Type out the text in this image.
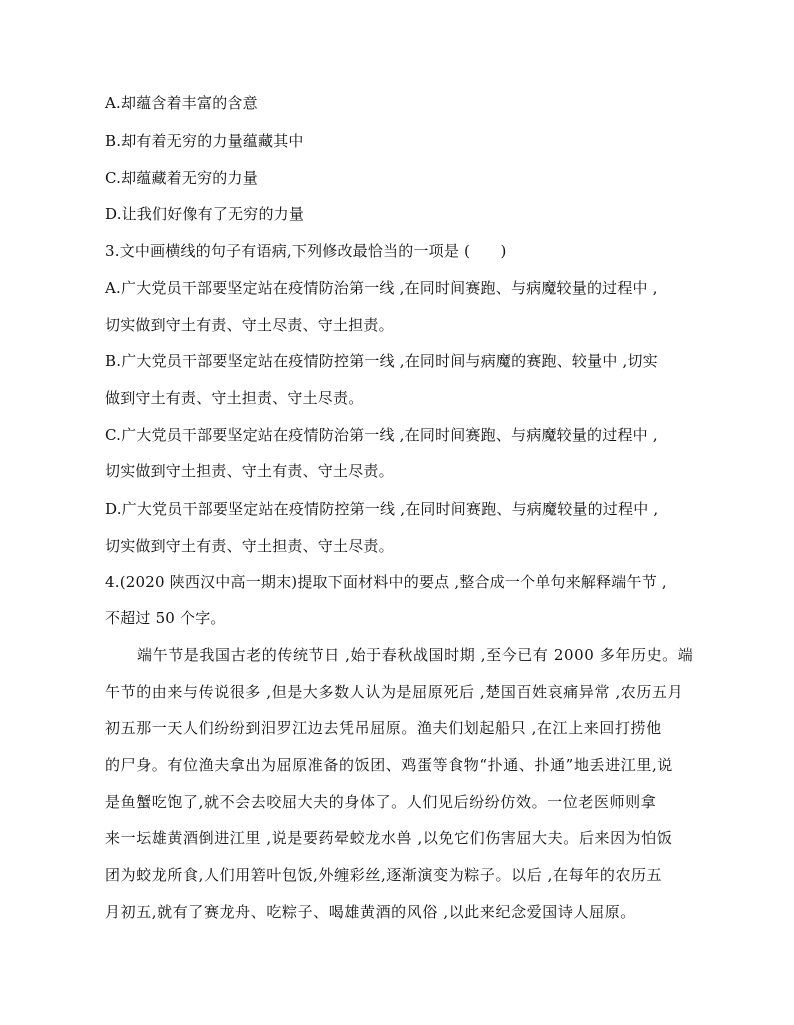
A.却蕴含着丰富的含意
B.却有着无穷的力量蕴藏其中
C.却蕴藏着无穷的力量
D.让我们好像有了无穷的力量
3.文中画横线的句子有语病,下列修改最恰当的一项是 (　　)
A.广大党员干部要坚定站在疫情防治第一线 ,在同时间赛跑、与病魔较量的过程中 ,
切实做到守土有责、守土尽责、守土担责。
B.广大党员干部要坚定站在疫情防控第一线 ,在同时间与病魔的赛跑、较量中 ,切实
做到守土有责、守土担责、守土尽责。
C.广大党员干部要坚定站在疫情防治第一线 ,在同时间赛跑、与病魔较量的过程中 ,
切实做到守土担责、守土有责、守土尽责。
D.广大党员干部要坚定站在疫情防控第一线 ,在同时间赛跑、与病魔较量的过程中 ,
切实做到守土有责、守土担责、守土尽责。
4.(2020 陕西汉中高一期末)提取下面材料中的要点 ,整合成一个单句来解释端午节 ,
不超过 50 个字。
端午节是我国古老的传统节日 ,始于春秋战国时期 ,至今已有 2000 多年历史。端
午节的由来与传说很多 ,但是大多数人认为是屈原死后 ,楚国百姓哀痛异常 ,农历五月
初五那一天人们纷纷到汨罗江边去凭吊屈原。渔夫们划起船只 ,在江上来回打捞他
的尸身。有位渔夫拿出为屈原准备的饭团、鸡蛋等食物“扑通、扑通”地丢进江里,说
是鱼蟹吃饱了,就不会去咬屈大夫的身体了。人们见后纷纷仿效。一位老医师则拿
来一坛雄黄酒倒进江里 ,说是要药晕蛟龙水兽 ,以免它们伤害屈大夫。后来因为怕饭
团为蛟龙所食,人们用箬叶包饭,外缠彩丝,逐渐演变为粽子。以后 ,在每年的农历五
月初五,就有了赛龙舟、吃粽子、喝雄黄酒的风俗 ,以此来纪念爱国诗人屈原。
